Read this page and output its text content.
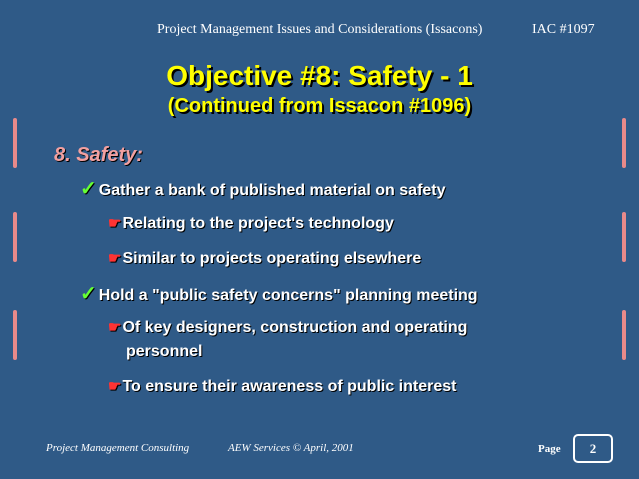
Project Management Issues and Considerations (Issacons)	IAC #1097
Objective #8: Safety - 1
(Continued from Issacon #1096)
8. Safety:
✓ Gather a bank of published material on safety
☛Relating to the project's technology
☛Similar to projects operating elsewhere
✓ Hold a "public safety concerns" planning meeting
☛Of key designers, construction and operating personnel
☛To ensure their awareness of public interest
Project Management Consulting	AEW Services © April, 2001	Page	2
